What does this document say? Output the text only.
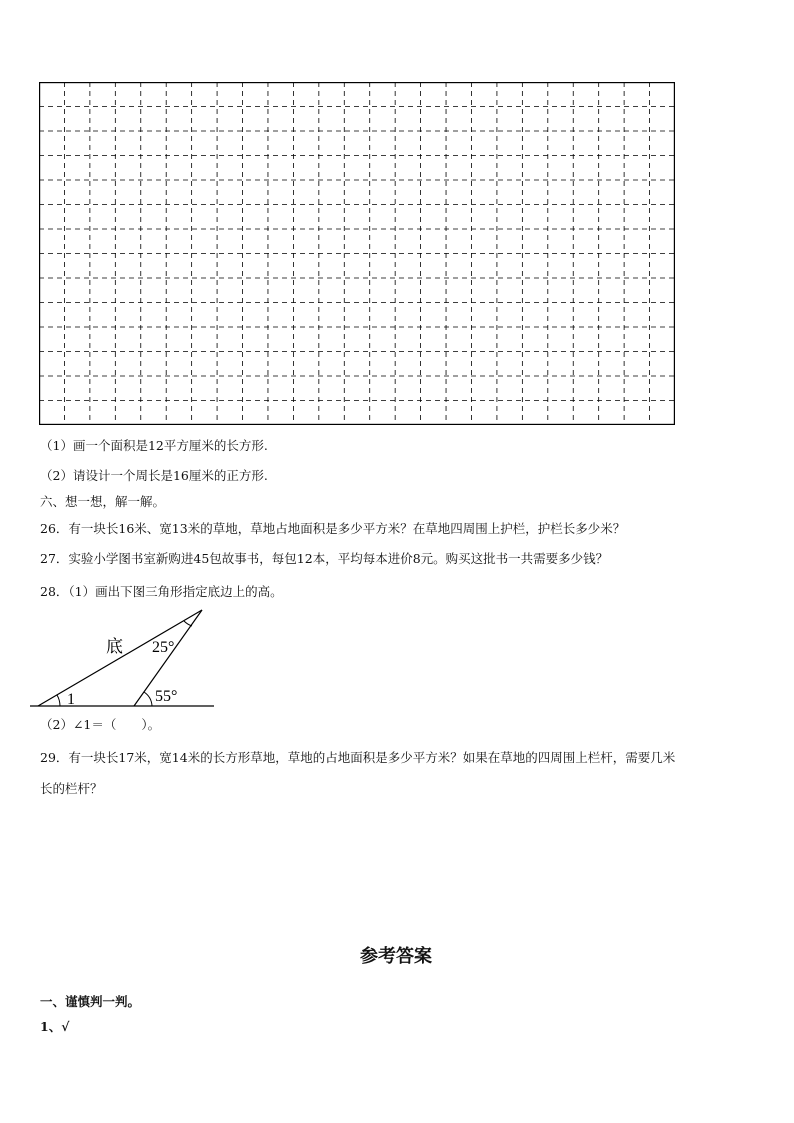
（1）画一个面积是12平方厘米的长方形.
（2）请设计一个周长是16厘米的正方形.
六、想一想，解一解。
26．有一块长16米、宽13米的草地，草地占地面积是多少平方米？在草地四周围上护栏，护栏长多少米？
27．实验小学图书室新购进45包故事书，每包12本，平均每本进价8元。购买这批书一共需要多少钱？
28．（1）画出下图三角形指定底边上的高。
底 25°
55°
1
（2）∠1＝（　　）。
29．有一块长17米，宽14米的长方形草地，草地的占地面积是多少平方米？如果在草地的四周围上栏杆，需要几米
长的栏杆？
参考答案
一、谨慎判一判。
1、√
